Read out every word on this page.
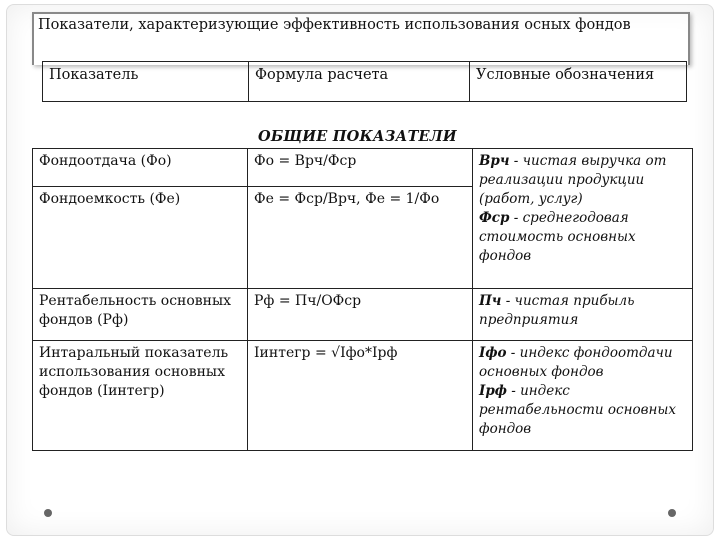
Показатели, характеризующие эффективность использования осных фондов
Показатель	Формула расчета	Условные обозначения
ОБЩИЕ ПОКАЗАТЕЛИ
Фондоотдача (Фо)	Фо = Врч/Фср	Врч - чистая выручка от реализации продукции (работ, услуг)
Фср - среднегодовая стоимость основных фондов
Фондоемкость (Фе)	Фе = Фср/Врч, Фе = 1/Фо	
Рентабельность основных фондов (Рф)	Рф = Пч/ОФср	Пч - чистая прибыль предприятия
Интаральный показатель использования основных фондов (Іинтегр)	Іинтегр = √Іфо*Ірф	Іфо - индекс фондоотдачи основных фондов
Ірф - индекс рентабельности основных фондов
